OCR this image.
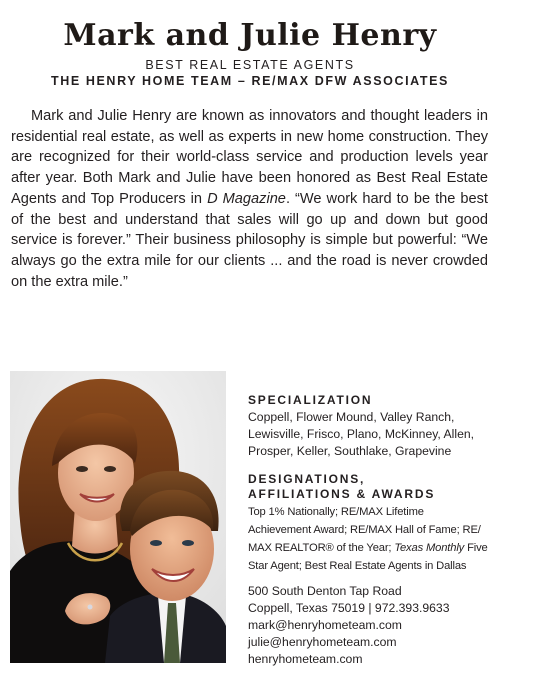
Mark and Julie Henry
BEST REAL ESTATE AGENTS
THE HENRY HOME TEAM – RE/MAX DFW ASSOCIATES

Mark and Julie Henry are known as innovators and thought leaders in residential real estate, as well as experts in new home construction. They are recognized for their world-class service and production levels year after year. Both Mark and Julie have been honored as Best Real Estate Agents and Top Producers in D Magazine. “We work hard to be the best of the best and understand that sales will go up and down but good service is forever.” Their business philosophy is simple but powerful: “We always go the extra mile for our clients ... and the road is never crowded on the extra mile.”

SPECIALIZATION
Coppell, Flower Mound, Valley Ranch,
Lewisville, Frisco, Plano, McKinney, Allen,
Prosper, Keller, Southlake, Grapevine
DESIGNATIONS,
AFFILIATIONS & AWARDS
Top 1% Nationally; RE/MAX Lifetime
Achievement Award; RE/MAX Hall of Fame; RE/
MAX REALTOR® of the Year; Texas Monthly Five
Star Agent; Best Real Estate Agents in Dallas
500 South Denton Tap Road
Coppell, Texas 75019 | 972.393.9633
mark@henryhometeam.com
julie@henryhometeam.com
henryhometeam.com
